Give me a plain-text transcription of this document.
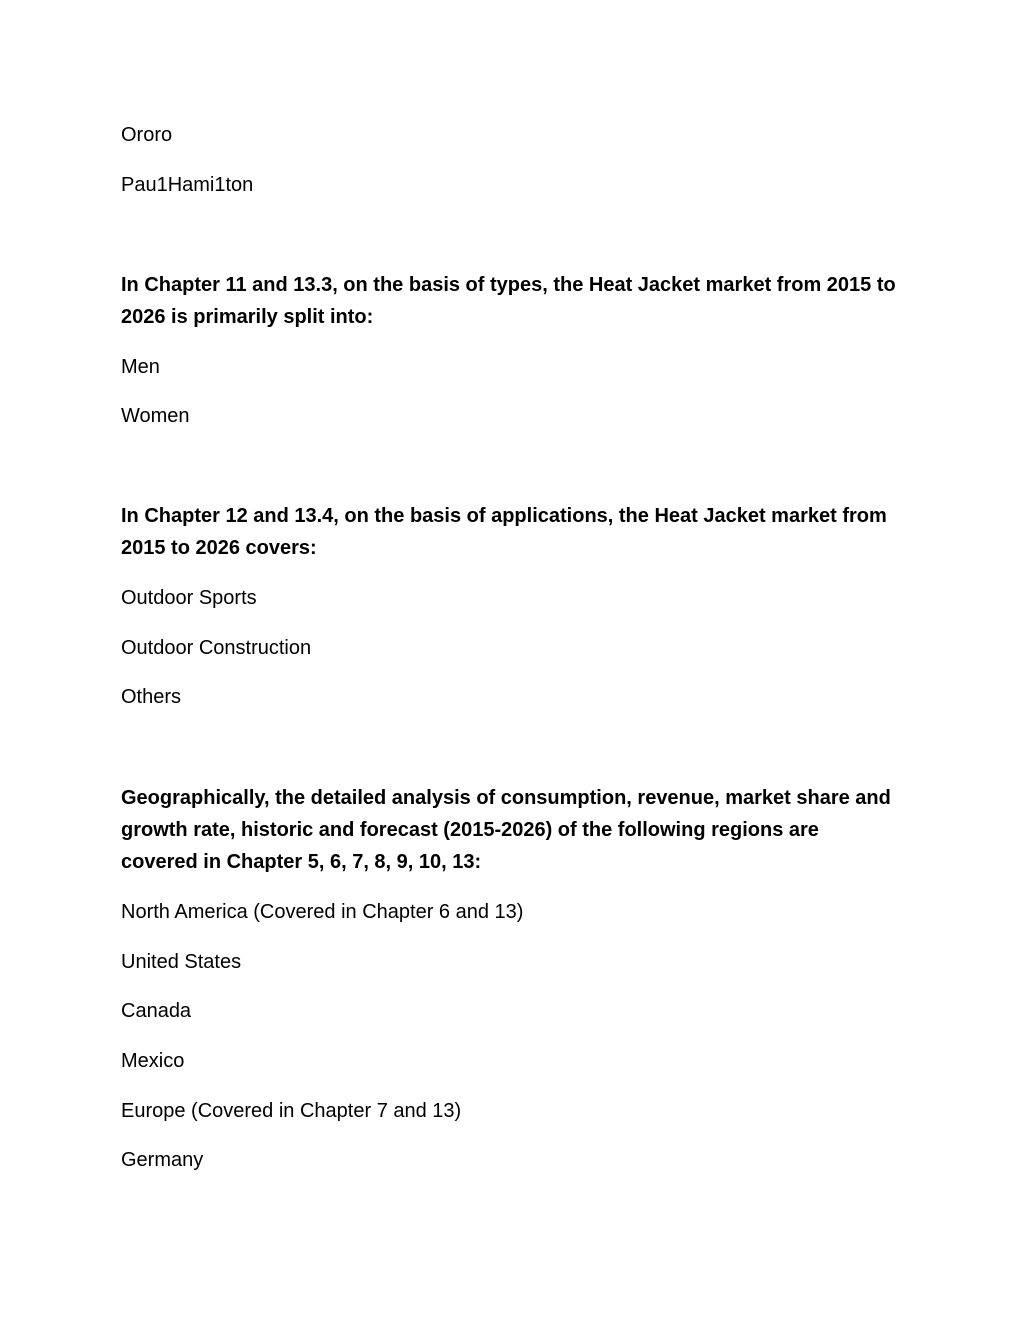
Ororo

Pau1Hami1ton

In Chapter 11 and 13.3, on the basis of types, the Heat Jacket market from 2015 to 2026 is primarily split into:

Men

Women

In Chapter 12 and 13.4, on the basis of applications, the Heat Jacket market from 2015 to 2026 covers:

Outdoor Sports

Outdoor Construction

Others

Geographically, the detailed analysis of consumption, revenue, market share and growth rate, historic and forecast (2015-2026) of the following regions are covered in Chapter 5, 6, 7, 8, 9, 10, 13:

North America (Covered in Chapter 6 and 13)

United States

Canada

Mexico

Europe (Covered in Chapter 7 and 13)

Germany
